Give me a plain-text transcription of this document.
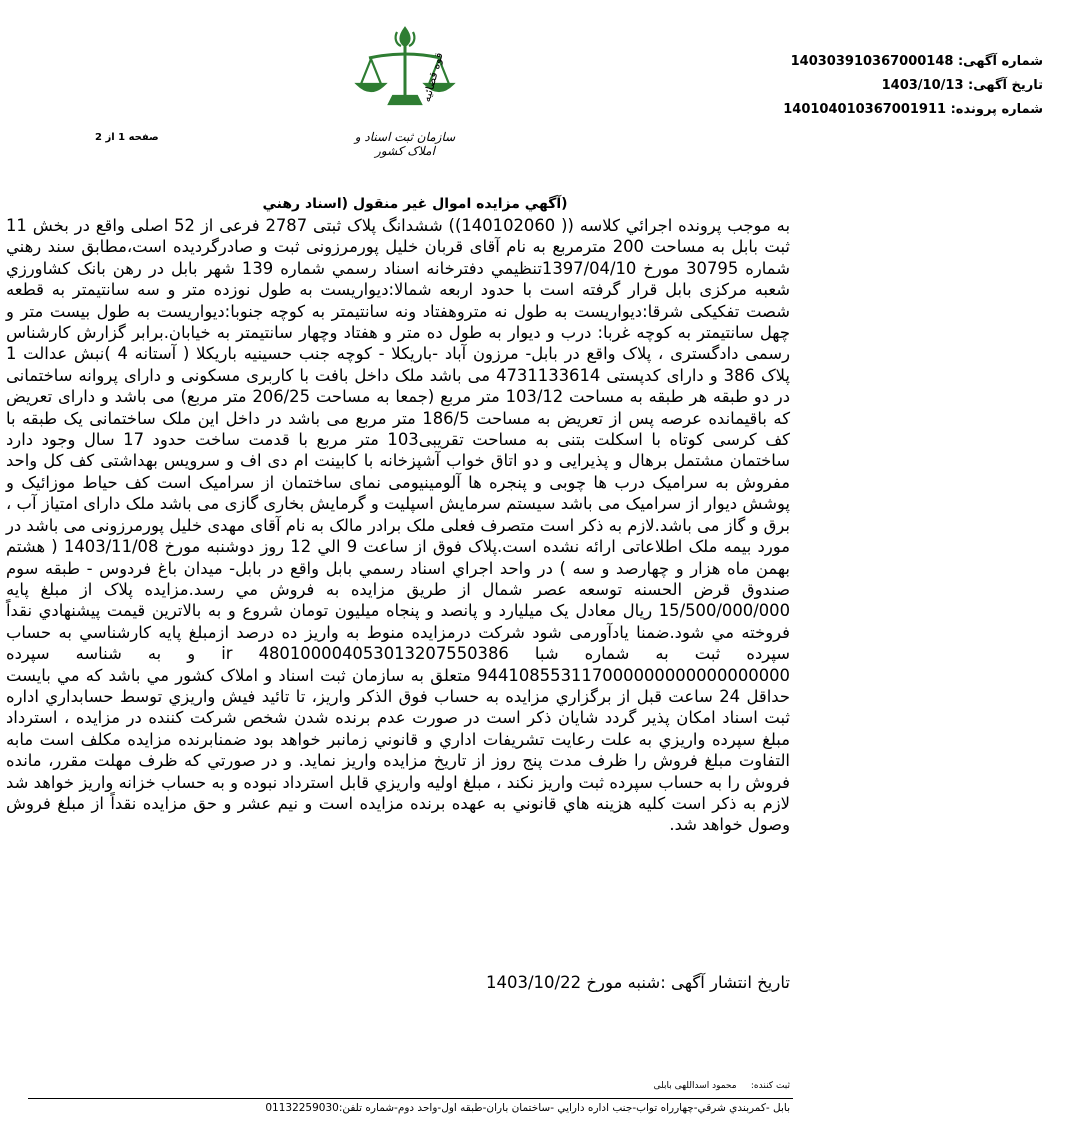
شماره آگهی: 140303910367000148
تاریخ آگهی: 1403/10/13
شماره پرونده: 140104010367001911
قوه قضائیه
سازمان ثبت اسناد و املاک کشور
صفحه 1 از 2
(آگهي مزايده اموال غير منقول (اسناد رهني

به موجب پرونده اجرائي كلاسه (( 140102060)) ششدانگ پلاک ثبتی 2787 فرعی از 52 اصلی واقع در بخش 11 ثبت بابل به مساحت 200 مترمربع به نام آقای قربان خلیل پورمرزونی ثبت و صادرگردیده است،مطابق سند رهني شماره 30795 مورخ 1397/04/10تنظيمي دفترخانه اسناد رسمي شماره 139 شهر بابل در رهن بانک كشاورزي شعبه مرکزی بابل قرار گرفته است با حدود اربعه شمالا:دیواریست به طول نوزده متر و سه سانتیمتر به قطعه شصت تفکیکی شرقا:دیواریست به طول نه متروهفتاد ونه سانتیمتر به کوچه جنوبا:دیواریست به طول بیست متر و چهل سانتیمتر به کوچه غربا: درب و دیوار به طول ده متر و هفتاد وچهار سانتیمتر به خیابان.برابر گزارش کارشناس رسمی دادگستری ، پلاک واقع در بابل- مرزون آباد -باریکلا - کوچه جنب حسینیه باریکلا ( آستانه 4 )نبش عدالت 1 پلاک 386 و دارای کدپستی 4731133614 می باشد ملک داخل بافت با کاربری مسکونی و دارای پروانه ساختمانی در دو طبقه هر طبقه به مساحت 103/12 متر مربع (جمعا به مساحت 206/25 متر مربع) می باشد و دارای تعریض که باقیمانده عرصه پس از تعریض به مساحت 186/5 متر مربع می باشد در داخل این ملک ساختمانی یک طبقه با کف کرسی کوتاه با اسکلت بتنی به مساحت تقریبی103 متر مربع با قدمت ساخت حدود 17 سال وجود دارد ساختمان مشتمل برهال و پذیرایی و دو اتاق خواب آشپزخانه با کابینت ام دی اف و سرویس بهداشتی کف کل واحد مفروش به سرامیک درب ها چوبی و پنجره ها آلومینیومی نمای ساختمان از سرامیک است کف حیاط موزائیک و پوشش دیوار از سرامیک می باشد سیستم سرمایش اسپلیت و گرمایش بخاری گازی می باشد ملک دارای امتیاز آب ، برق و گاز می باشد.لازم به ذکر است متصرف فعلی ملک برادر مالک به نام آقای مهدی خلیل پورمرزونی می باشد در مورد بیمه ملک اطلاعاتی ارائه نشده است.پلاک فوق از ساعت 9 الي 12 روز دوشنبه مورخ 1403/11/08 ( هشتم بهمن ماه هزار و چهارصد و سه ) در واحد اجراي اسناد رسمي بابل واقع در بابل- میدان باغ فردوس - طبقه سوم صندوق قرض الحسنه توسعه عصر شمال از طريق مزايده به فروش مي رسد.مزايده پلاک از مبلغ پايه 15/500/000/000 ريال معادل یک میلیارد و پانصد و پنجاه میلیون تومان شروع و به بالاترين قيمت پيشنهادي نقداً فروخته مي شود.ضمنا يادآورمی شود شرکت درمزايده منوط به واريز ده درصد ازمبلغ پايه كارشناسي به حساب سپرده ثبت به شماره شبا ir 480100004053013207550386 و به شناسه سپرده 944108553117000000000000000000 متعلق به سازمان ثبت اسناد و املاک كشور مي باشد كه مي بايست حداقل 24 ساعت قبل از برگزاري مزايده به حساب فوق الذکر واريز، تا تائيد فيش واريزي توسط حسابداري اداره ثبت اسناد امکان پذير گردد شايان ذكر است در صورت عدم برنده شدن شخص شرکت كننده در مزايده ، استرداد مبلغ سپرده واريزي به علت رعايت تشريفات اداري و قانوني زمانبر خواهد بود ضمنابرنده مزايده مكلف است مابه التفاوت مبلغ فروش را ظرف مدت پنج روز از تاريخ مزايده واريز نمايد. و در صورتي كه ظرف مهلت مقرر، مانده فروش را به حساب سپرده ثبت واريز نكند ، مبلغ اوليه واريزي قابل استرداد نبوده و به حساب خزانه واريز خواهد شد لازم به ذکر است کلیه هزینه هاي قانوني به عهده برنده مزايده است و نيم عشر و حق مزايده نقداً از مبلغ فروش وصول خواهد شد.

تاریخ انتشار آگهی :شنبه مورخ 1403/10/22
ثبت کننده:     محمود اسداللهی بابلی
بابل -کمربندي شرقي-چهارراه تواب-جنب اداره دارايي -ساختمان باران-طبقه اول-واحد دوم-شماره تلفن:01132259030
